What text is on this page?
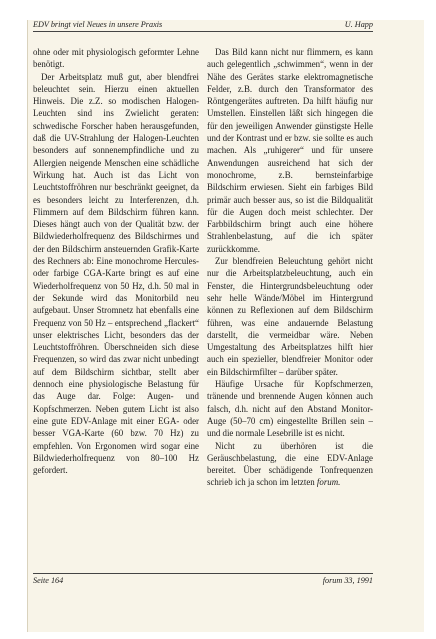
EDV bringt viel Neues in unsere Praxis	U. Happ

ohne oder mit physiologisch geformter Lehne benötigt.

Der Arbeitsplatz muß gut, aber blendfrei beleuchtet sein. Hierzu einen aktuellen Hinweis. Die z.Z. so modischen Halogen-Leuchten sind ins Zwielicht geraten: schwedische Forscher haben herausgefunden, daß die UV-Strahlung der Halogen-Leuchten besonders auf sonnenempfindliche und zu Allergien neigende Menschen eine schädliche Wirkung hat. Auch ist das Licht von Leuchtstoffröhren nur beschränkt geeignet, da es besonders leicht zu Interferenzen, d.h. Flimmern auf dem Bildschirm führen kann. Dieses hängt auch von der Qualität bzw. der Bildwiederholfrequenz des Bildschirmes und der den Bildschirm ansteuernden Grafik-Karte des Rechners ab: Eine monochrome Hercules- oder farbige CGA-Karte bringt es auf eine Wiederholfrequenz von 50 Hz, d.h. 50 mal in der Sekunde wird das Monitorbild neu aufgebaut. Unser Stromnetz hat ebenfalls eine Frequenz von 50 Hz – entsprechend „flackert“ unser elektrisches Licht, besonders das der Leuchtstoffröhren. Überschneiden sich diese Frequenzen, so wird das zwar nicht unbedingt auf dem Bildschirm sichtbar, stellt aber dennoch eine physiologische Belastung für das Auge dar. Folge: Augen- und Kopfschmerzen. Neben gutem Licht ist also eine gute EDV-Anlage mit einer EGA- oder besser VGA-Karte (60 bzw. 70 Hz) zu empfehlen. Von Ergonomen wird sogar eine Bildwiederholfrequenz von 80–100 Hz gefordert.

Das Bild kann nicht nur flimmern, es kann auch gelegentlich „schwimmen“, wenn in der Nähe des Gerätes starke elektromagnetische Felder, z.B. durch den Transformator des Röntgengerätes auftreten. Da hilft häufig nur Umstellen. Einstellen läßt sich hingegen die für den jeweiligen Anwender günstigste Helle und der Kontrast und er bzw. sie sollte es auch machen. Als „ruhigerer“ und für unsere Anwendungen ausreichend hat sich der monochrome, z.B. bernsteinfarbige Bildschirm erwiesen. Sieht ein farbiges Bild primär auch besser aus, so ist die Bildqualität für die Augen doch meist schlechter. Der Farbbildschirm bringt auch eine höhere Strahlenbelastung, auf die ich später zurückkomme.

Zur blendfreien Beleuchtung gehört nicht nur die Arbeitsplatzbeleuchtung, auch ein Fenster, die Hintergrundsbeleuchtung oder sehr helle Wände/Möbel im Hintergrund können zu Reflexionen auf dem Bildschirm führen, was eine andauernde Belastung darstellt, die vermeidbar wäre. Neben Umgestaltung des Arbeitsplatzes hilft hier auch ein spezieller, blendfreier Monitor oder ein Bildschirmfilter – darüber später.

Häufige Ursache für Kopfschmerzen, tränende und brennende Augen können auch falsch, d.h. nicht auf den Abstand Monitor-Auge (50–70 cm) eingestellte Brillen sein – und die normale Lesebrille ist es nicht.

Nicht zu überhören ist die Geräuschbelastung, die eine EDV-Anlage bereitet. Über schädigende Tonfrequenzen schrieb ich ja schon im letzten forum.

Seite 164	forum 33, 1991
